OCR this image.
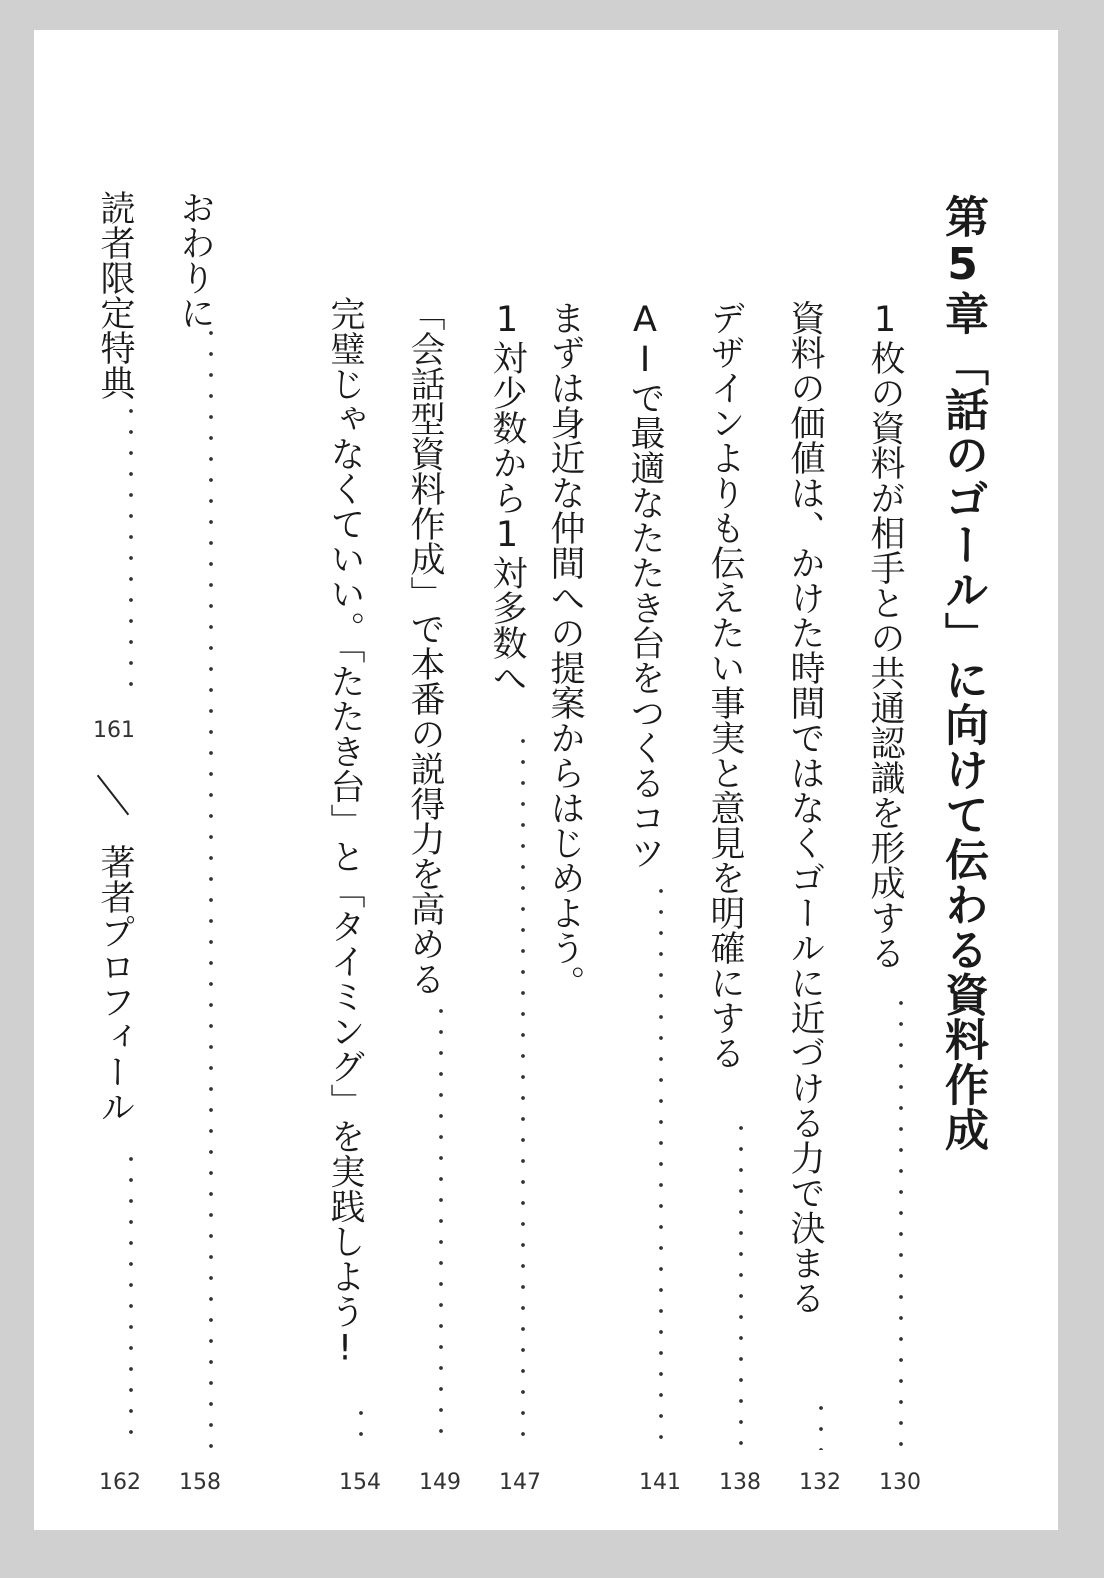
第5章
「話のゴール」に向けて伝わる資料作成
1枚の資料が相手との共通認識を形成する
130
資料の価値は、かけた時間ではなくゴールに近づける力で決まる
132
デザインよりも伝えたい事実と意見を明確にする
138
AIで最適なたたき台をつくるコツ
141
まずは身近な仲間への提案からはじめよう。
1対少数から1対多数へ
147
「会話型資料作成」で本番の説得力を高める
149
完璧じゃなくていい。「たたき台」と「タイミング」を実践しよう!
154
おわりに
158
読者限定特典
161
著者プロフィール
162
